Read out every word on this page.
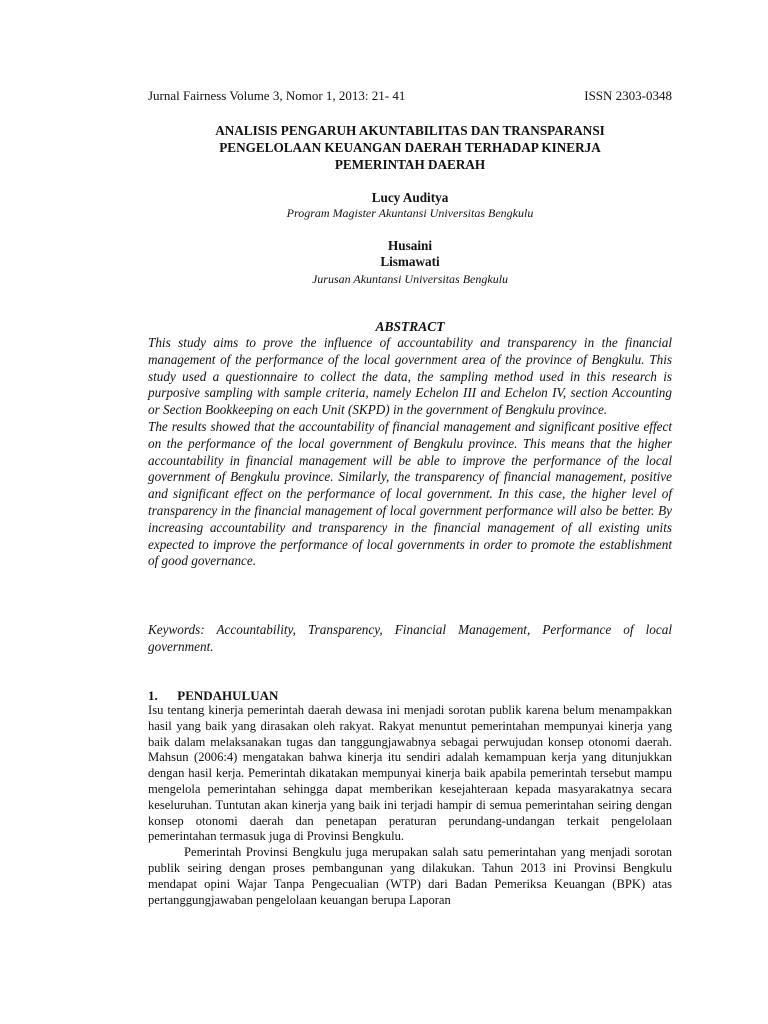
Jurnal Fairness Volume 3, Nomor 1, 2013: 21- 41	ISSN 2303-0348
ANALISIS PENGARUH AKUNTABILITAS DAN TRANSPARANSI
PENGELOLAAN KEUANGAN DAERAH TERHADAP KINERJA
PEMERINTAH DAERAH
Lucy Auditya
Program Magister Akuntansi Universitas Bengkulu
Husaini
Lismawati
Jurusan Akuntansi Universitas Bengkulu
ABSTRACT

This study aims to prove the influence of accountability and transparency in the financial management of the performance of the local government area of the province of Bengkulu. This study used a questionnaire to collect the data, the sampling method used in this research is purposive sampling with sample criteria, namely Echelon III and Echelon IV, section Accounting or Section Bookkeeping on each Unit (SKPD) in the government of Bengkulu province.

The results showed that the accountability of financial management and significant positive effect on the performance of the local government of Bengkulu province. This means that the higher accountability in financial management will be able to improve the performance of the local government of Bengkulu province. Similarly, the transparency of financial management, positive and significant effect on the performance of local government. In this case, the higher level of transparency in the financial management of local government performance will also be better. By increasing accountability and transparency in the financial management of all existing units expected to improve the performance of local governments in order to promote the establishment of good governance.

Keywords: Accountability, Transparency, Financial Management, Performance of local government.
1. PENDAHULUAN

Isu tentang kinerja pemerintah daerah dewasa ini menjadi sorotan publik karena belum menampakkan hasil yang baik yang dirasakan oleh rakyat. Rakyat menuntut pemerintahan mempunyai kinerja yang baik dalam melaksanakan tugas dan tanggungjawabnya sebagai perwujudan konsep otonomi daerah. Mahsun (2006:4) mengatakan bahwa kinerja itu sendiri adalah kemampuan kerja yang ditunjukkan dengan hasil kerja. Pemerintah dikatakan mempunyai kinerja baik apabila pemerintah tersebut mampu mengelola pemerintahan sehingga dapat memberikan kesejahteraan kepada masyarakatnya secara keseluruhan. Tuntutan akan kinerja yang baik ini terjadi hampir di semua pemerintahan seiring dengan konsep otonomi daerah dan penetapan peraturan perundang-undangan terkait pengelolaan pemerintahan termasuk juga di Provinsi Bengkulu.

Pemerintah Provinsi Bengkulu juga merupakan salah satu pemerintahan yang menjadi sorotan publik seiring dengan proses pembangunan yang dilakukan. Tahun 2013 ini Provinsi Bengkulu mendapat opini Wajar Tanpa Pengecualian (WTP) dari Badan Pemeriksa Keuangan (BPK) atas pertanggungjawaban pengelolaan keuangan berupa Laporan
